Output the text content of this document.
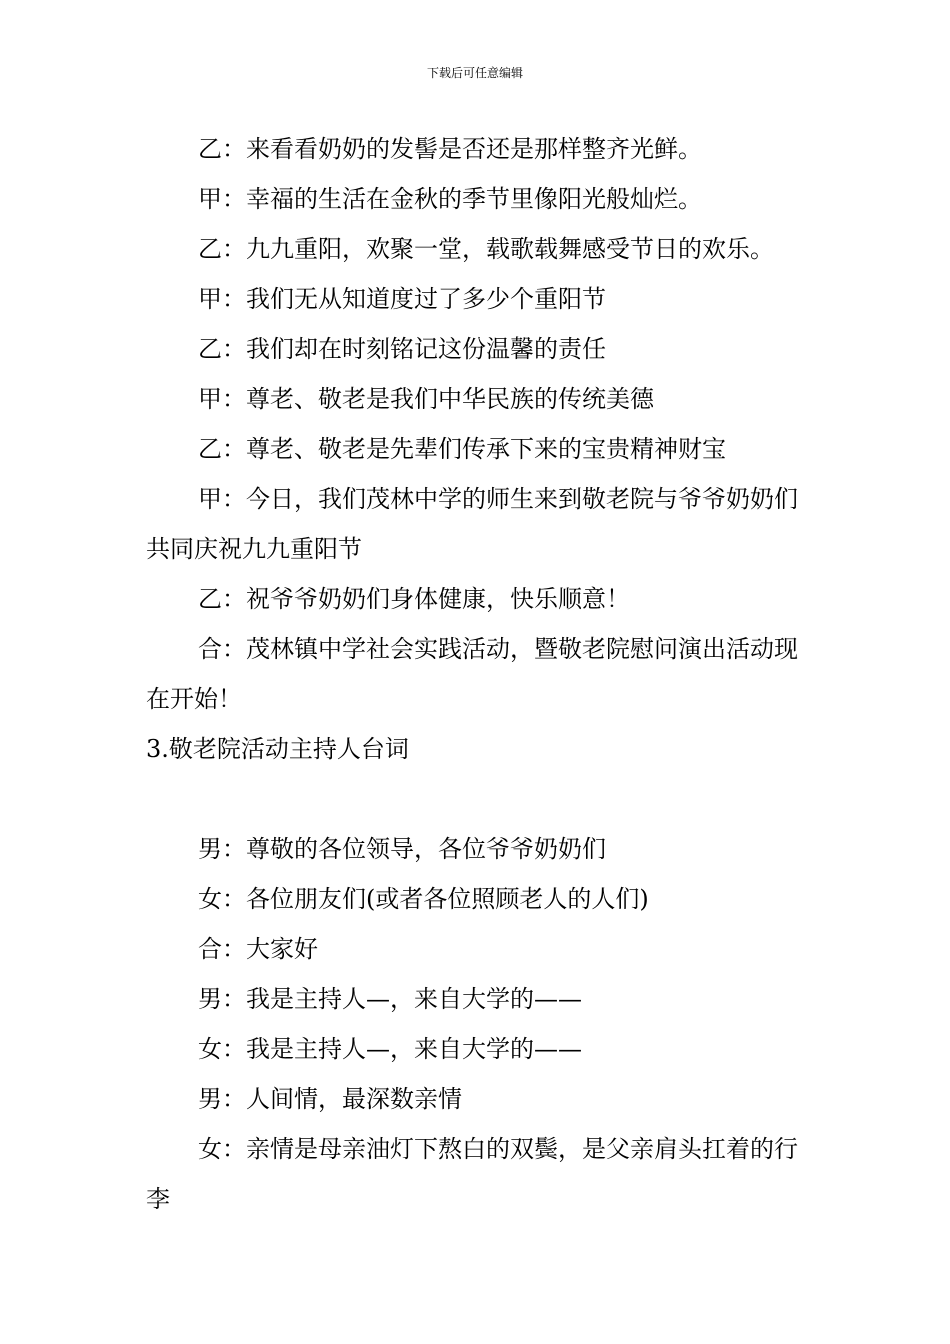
下载后可任意编辑

乙：来看看奶奶的发髻是否还是那样整齐光鲜。

甲：幸福的生活在金秋的季节里像阳光般灿烂。

乙：九九重阳，欢聚一堂，载歌载舞感受节日的欢乐。

甲：我们无从知道度过了多少个重阳节

乙：我们却在时刻铭记这份温馨的责任

甲：尊老、敬老是我们中华民族的传统美德

乙：尊老、敬老是先辈们传承下来的宝贵精神财宝

甲：今日，我们茂林中学的师生来到敬老院与爷爷奶奶们共同庆祝九九重阳节

乙：祝爷爷奶奶们身体健康，快乐顺意！

合：茂林镇中学社会实践活动，暨敬老院慰问演出活动现在开始！

3.敬老院活动主持人台词

男：尊敬的各位领导，各位爷爷奶奶们

女：各位朋友们(或者各位照顾老人的人们)

合：大家好

男：我是主持人—，来自大学的——

女：我是主持人—，来自大学的——

男：人间情，最深数亲情

女：亲情是母亲油灯下熬白的双鬓，是父亲肩头扛着的行李
